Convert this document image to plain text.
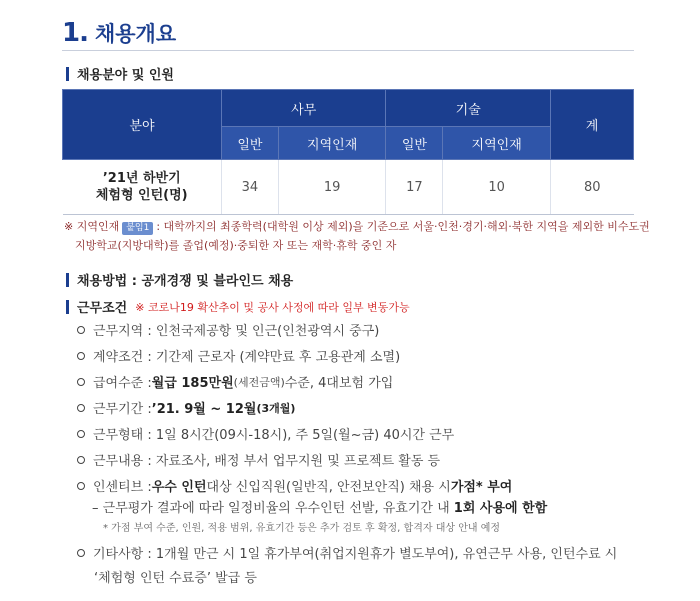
1 . 채용개요
채용분야 및 인원
분야	사무		기술		계
	일반	지역인재	일반	지역인재	
’21년 하반기
체험형 인턴(명)	34	19	17	10	80
※ 지역인재 붙임1 : 대학까지의 최종학력(대학원 이상 제외)을 기준으로 서울·인천·경기·해외·북한 지역을 제외한 비수도권
지방학교(지방대학)를 졸업(예정)·중퇴한 자 또는 재학·휴학 중인 자
채용방법 : 공개경쟁 및 블라인드 채용
근무조건 ※ 코로나19 확산추이 및 공사 사정에 따라 일부 변동가능
근무지역 : 인천국제공항 및 인근(인천광역시 중구)
계약조건 : 기간제 근로자 (계약만료 후 고용관계 소멸)
급여수준 : 월급 185만원 (세전금액) 수준, 4대보험 가입
근무기간 : ’21. 9월 ~ 12월 (3개월)
근무형태 : 1일 8시간(09시-18시), 주 5일(월~금) 40시간 근무
근무내용 : 자료조사, 배정 부서 업무지원 및 프로젝트 활동 등
인센티브 : 우수 인턴 대상 신입직원(일반직, 안전보안직) 채용 시 가점* 부여
– 근무평가 결과에 따라 일정비율의 우수인턴 선발, 유효기간 내 1회 사용에 한함
* 가점 부여 수준, 인원, 적용 범위, 유효기간 등은 추가 검토 후 확정, 합격자 대상 안내 예정
기타사항 : 1개월 만근 시 1일 휴가부여(취업지원휴가 별도부여), 유연근무 사용, 인턴수료 시
‘체험형 인턴 수료증’ 발급 등
